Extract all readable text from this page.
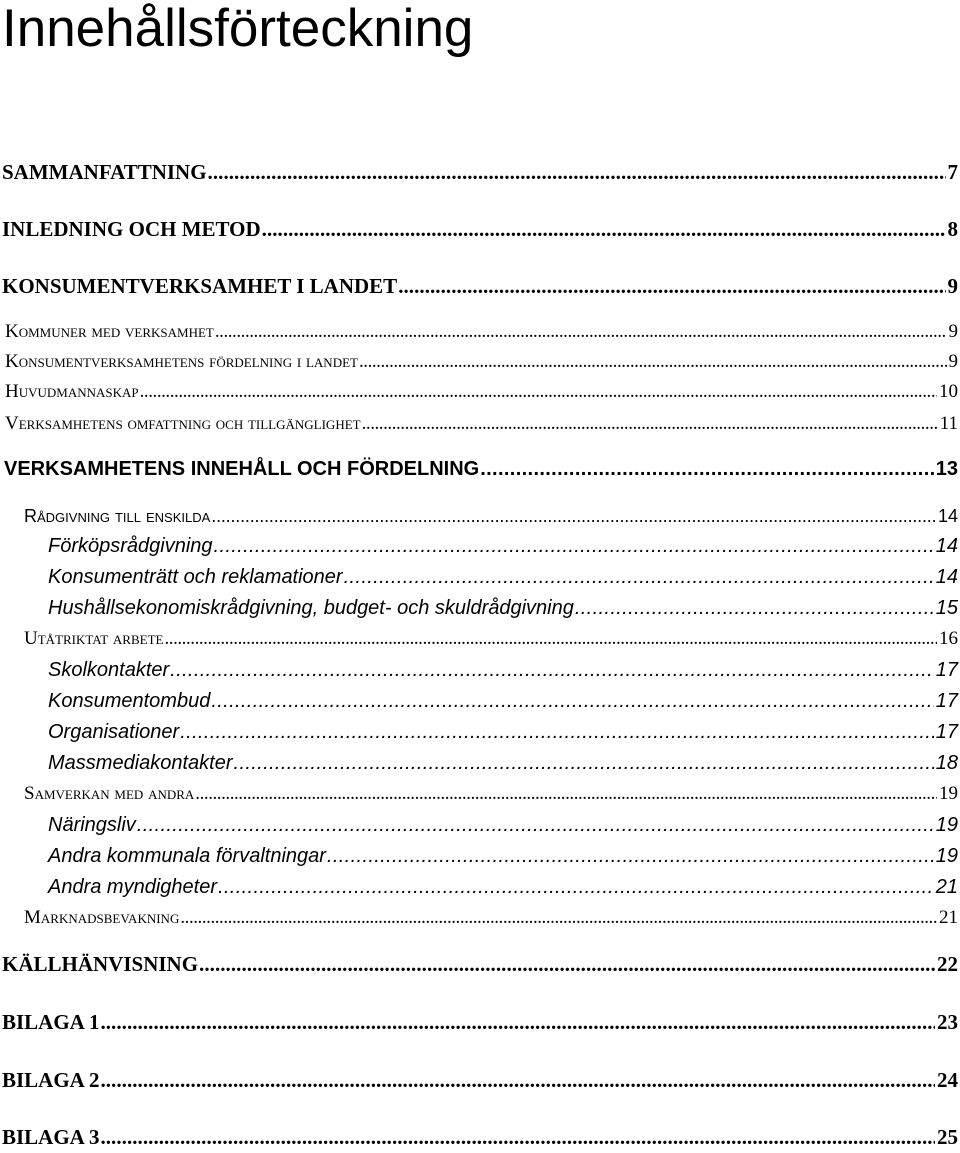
Innehållsförteckning
SAMMANFATTNING . . .	7
INLEDNING OCH METOD . . .	8
KONSUMENTVERKSAMHET I LANDET . . .	9
Kommuner med verksamhet . . .	9
Konsumentverksamhetens fördelning i landet . . .	9
Huvudmannaskap . . .	10
Verksamhetens omfattning och tillgänglighet . . .	11
VERKSAMHETENS INNEHÅLL OCH FÖRDELNING . . .	13
Rådgivning till enskilda . . .	14
Förköpsrådgivning . . .	14
Konsumenträtt och reklamationer . . .	14
Hushållsekonomiskrådgivning, budget- och skuldrådgivning . . .	15
Utåtriktat arbete . . .	16
Skolkontakter . . .	17
Konsumentombud . . .	17
Organisationer . . .	17
Massmediakontakter . . .	18
Samverkan med andra . . .	19
Näringsliv . . .	19
Andra kommunala förvaltningar . . .	19
Andra myndigheter . . .	21
Marknadsbevakning . . .	21
KÄLLHÄNVISNING . . .	22
BILAGA 1 . . .	23
BILAGA 2 . . .	24
BILAGA 3 . . .	25
